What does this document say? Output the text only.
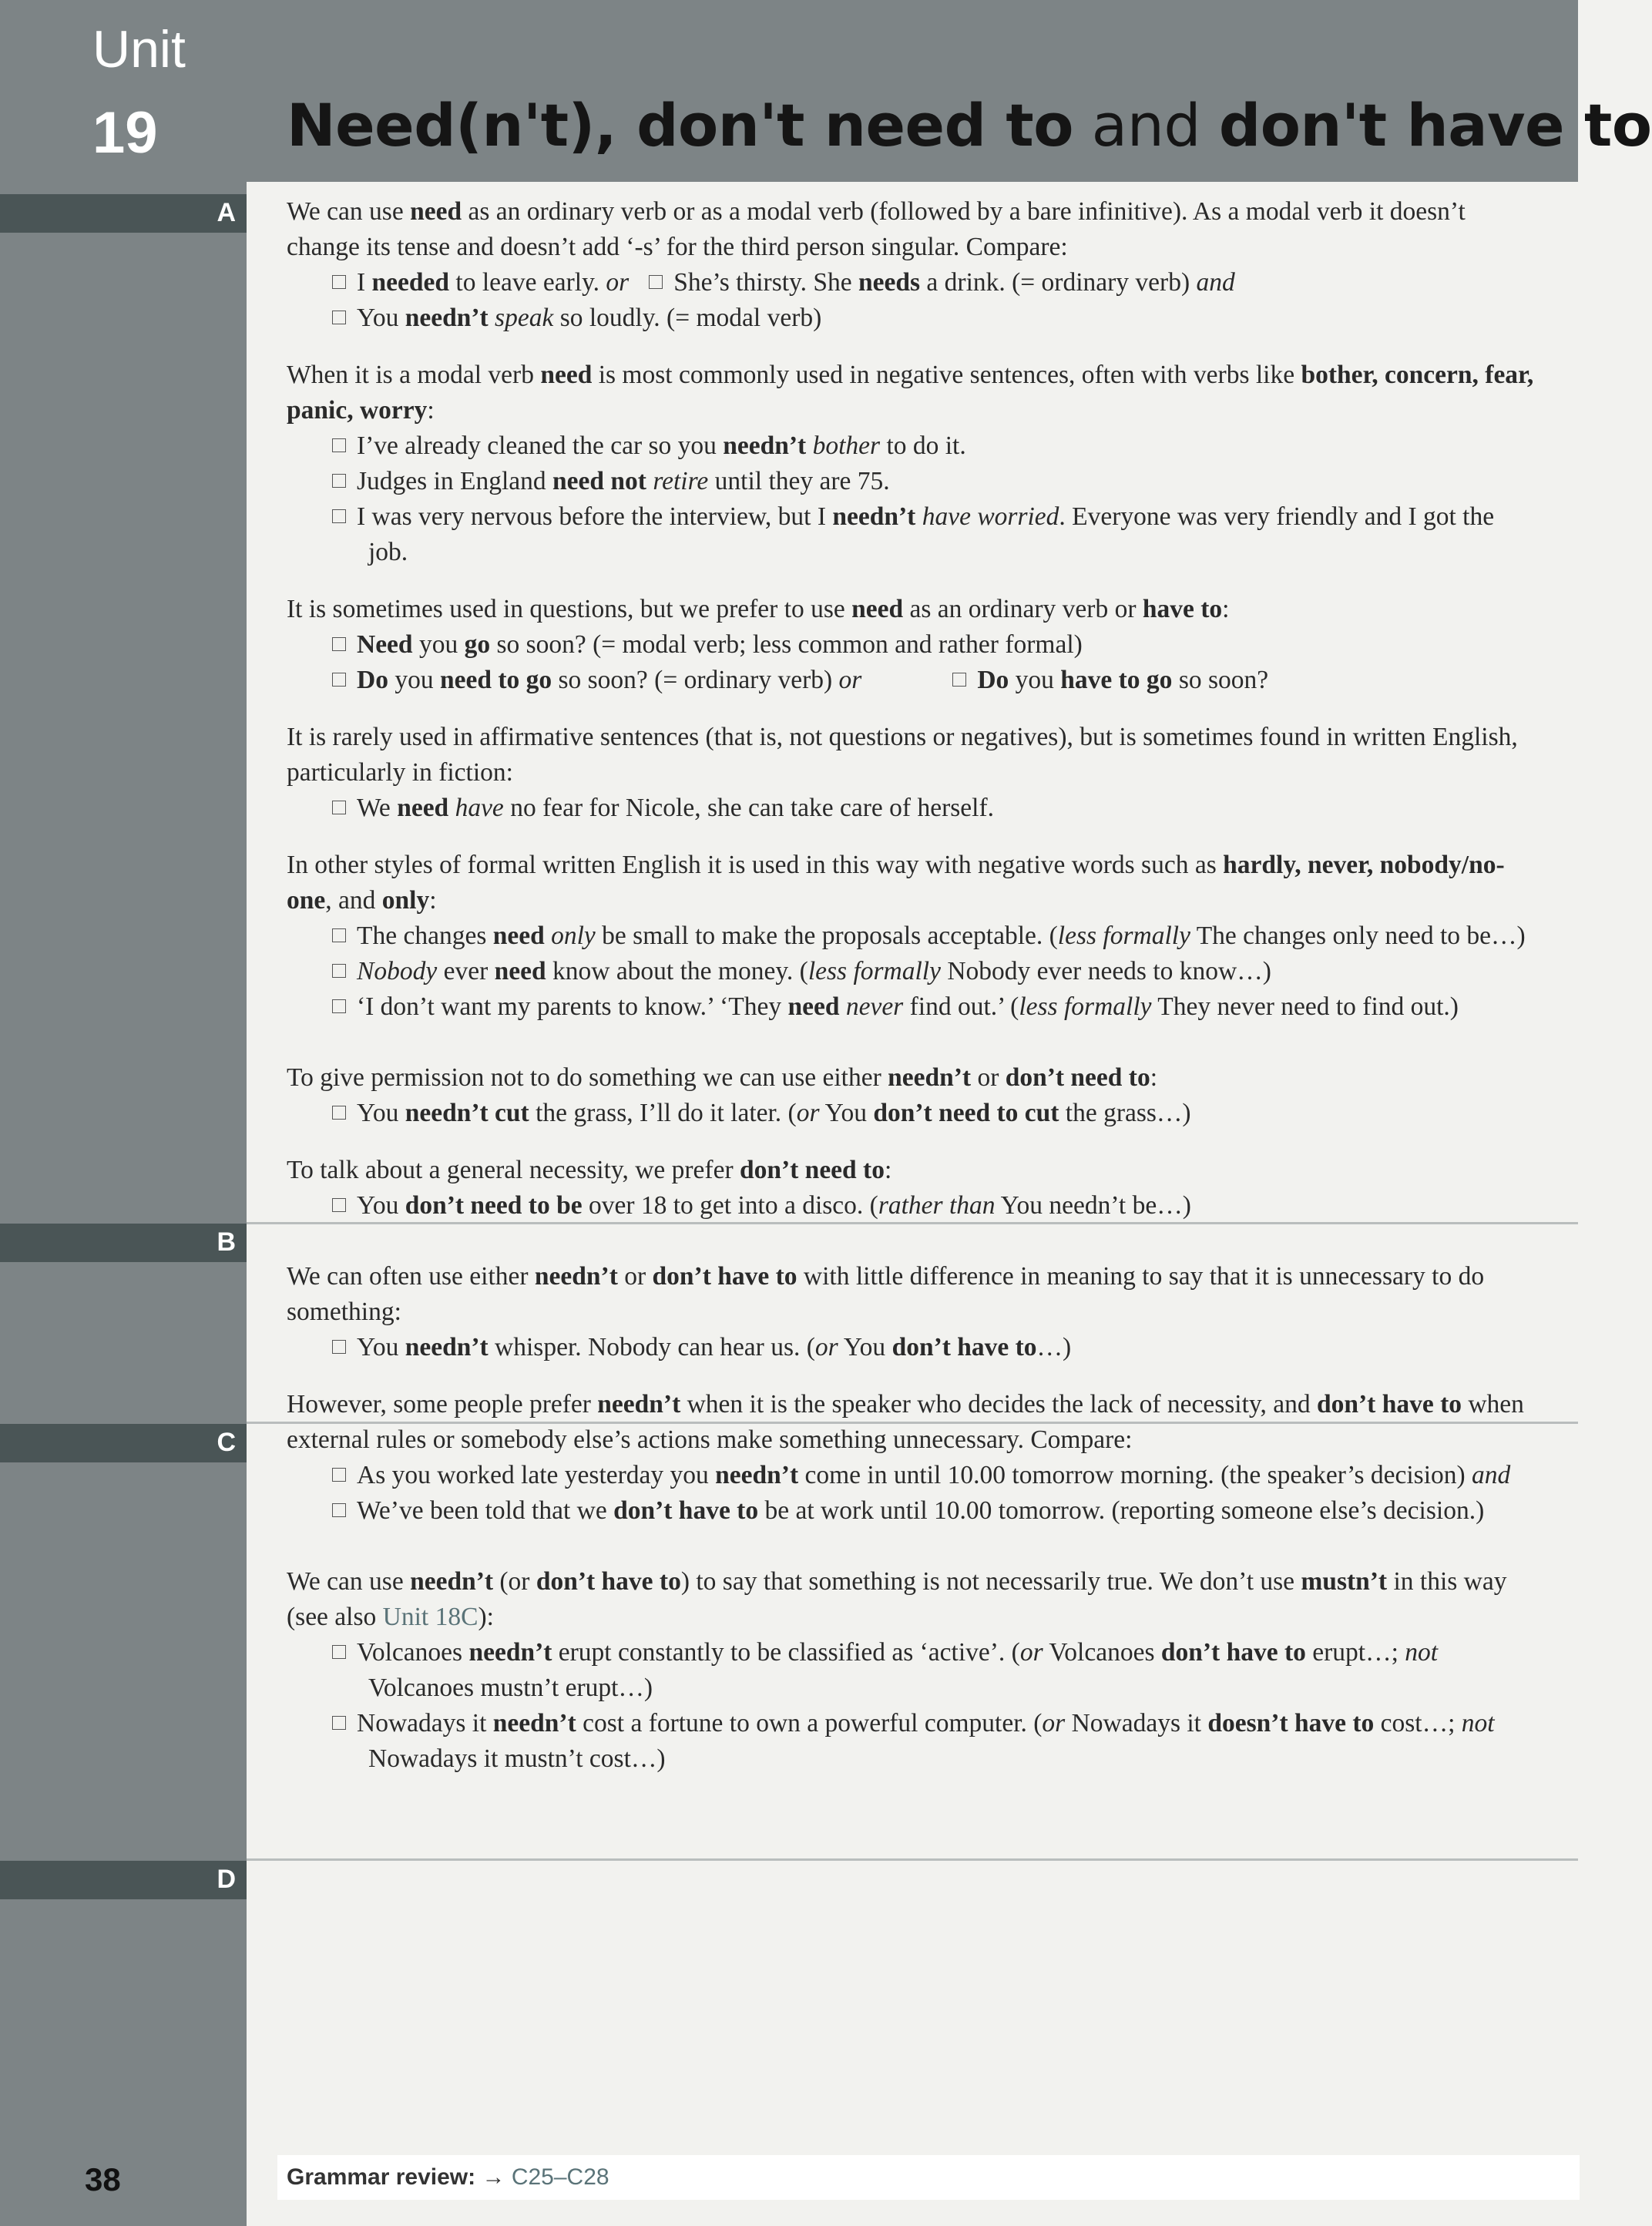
Unit
19 Need(n't), don't need to and don't have to
A
B
C
D

We can use need as an ordinary verb or as a modal verb (followed by a bare infinitive). As a modal verb it doesn’t change its tense and doesn’t add ‘-s’ for the third person singular. Compare:

I needed to leave early. or She’s thirsty. She needs a drink. (= ordinary verb) and

You needn’t speak so loudly. (= modal verb)

When it is a modal verb need is most commonly used in negative sentences, often with verbs like bother, concern, fear, panic, worry:

I’ve already cleaned the car so you needn’t bother to do it.

Judges in England need not retire until they are 75.

I was very nervous before the interview, but I needn’t have worried. Everyone was very friendly and I got the job.

It is sometimes used in questions, but we prefer to use need as an ordinary verb or have to:

Need you go so soon? (= modal verb; less common and rather formal)

Do you need to go so soon? (= ordinary verb) or	Do you have to go so soon?

It is rarely used in affirmative sentences (that is, not questions or negatives), but is sometimes found in written English, particularly in fiction:

We need have no fear for Nicole, she can take care of herself.

In other styles of formal written English it is used in this way with negative words such as hardly, never, nobody/no-one, and only:

The changes need only be small to make the proposals acceptable. (less formally The changes only need to be…)

Nobody ever need know about the money. (less formally Nobody ever needs to know…)

‘I don’t want my parents to know.’ ‘They need never find out.’ (less formally They never need to find out.)

To give permission not to do something we can use either needn’t or don’t need to:

You needn’t cut the grass, I’ll do it later. (or You don’t need to cut the grass…)

To talk about a general necessity, we prefer don’t need to:

You don’t need to be over 18 to get into a disco. (rather than You needn’t be…)

We can often use either needn’t or don’t have to with little difference in meaning to say that it is unnecessary to do something:

You needn’t whisper. Nobody can hear us. (or You don’t have to…)

However, some people prefer needn’t when it is the speaker who decides the lack of necessity, and don’t have to when external rules or somebody else’s actions make something unnecessary. Compare:

As you worked late yesterday you needn’t come in until 10.00 tomorrow morning. (the speaker’s decision) and

We’ve been told that we don’t have to be at work until 10.00 tomorrow. (reporting someone else’s decision.)

We can use needn’t (or don’t have to) to say that something is not necessarily true. We don’t use mustn’t in this way (see also Unit 18C):

Volcanoes needn’t erupt constantly to be classified as ‘active’. (or Volcanoes don’t have to erupt…; not Volcanoes mustn’t erupt…)

Nowadays it needn’t cost a fortune to own a powerful computer. (or Nowadays it doesn’t have to cost…; not Nowadays it mustn’t cost…)

38	Grammar review: → C25–C28
